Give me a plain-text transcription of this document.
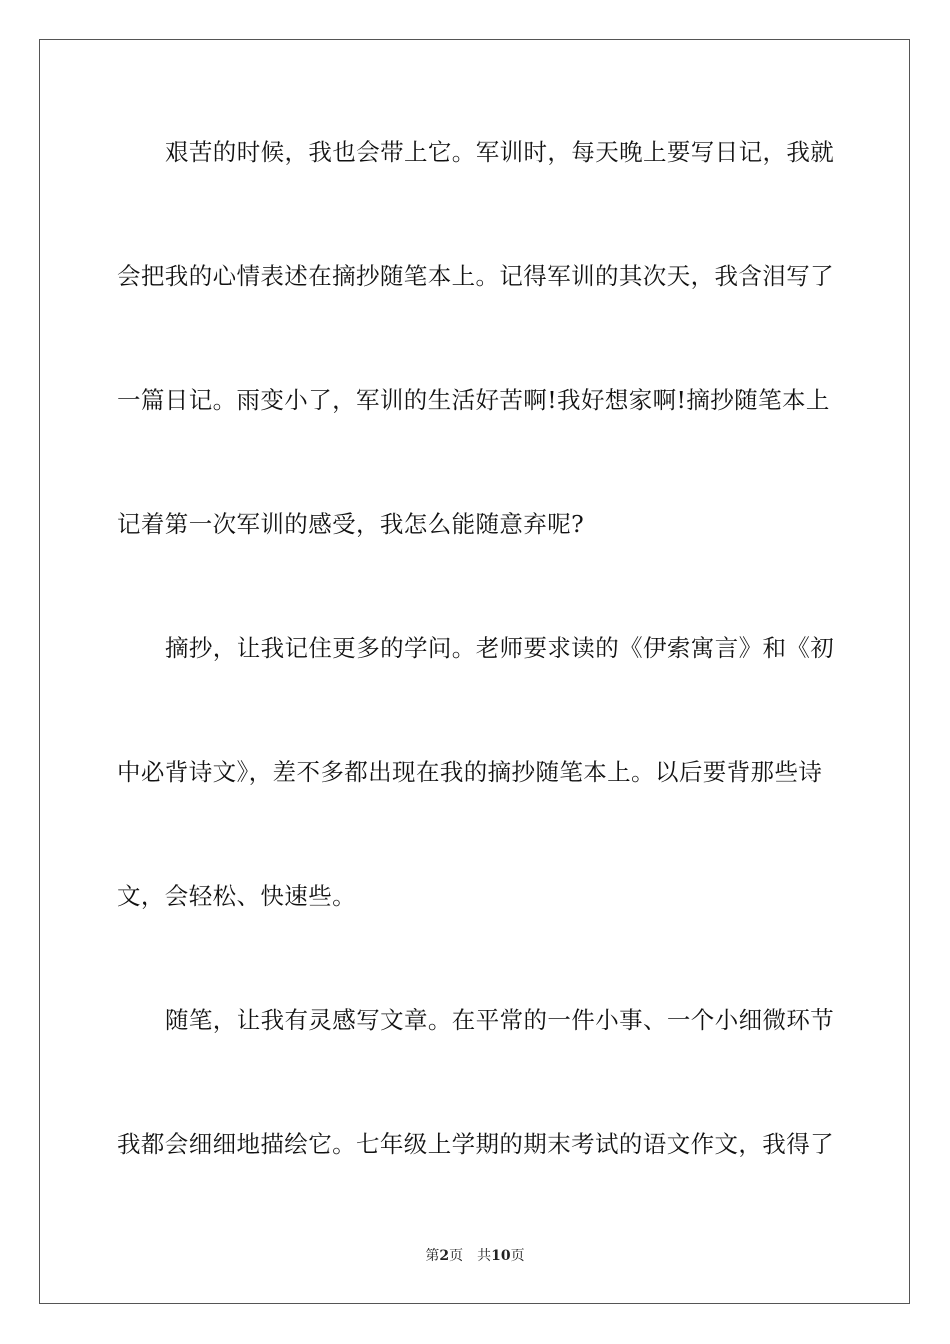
艰苦的时候，我也会带上它。军训时，每天晚上要写日记，我就
会把我的心情表述在摘抄随笔本上。记得军训的其次天，我含泪写了
一篇日记。雨变小了，军训的生活好苦啊!我好想家啊!摘抄随笔本上
记着第一次军训的感受，我怎么能随意弃呢?
摘抄，让我记住更多的学问。老师要求读的《伊索寓言》和《初
中必背诗文》，差不多都出现在我的摘抄随笔本上。以后要背那些诗
文，会轻松、快速些。
随笔，让我有灵感写文章。在平常的一件小事、一个小细微环节
我都会细细地描绘它。七年级上学期的期末考试的语文作文，我得了
第2页 共10页
